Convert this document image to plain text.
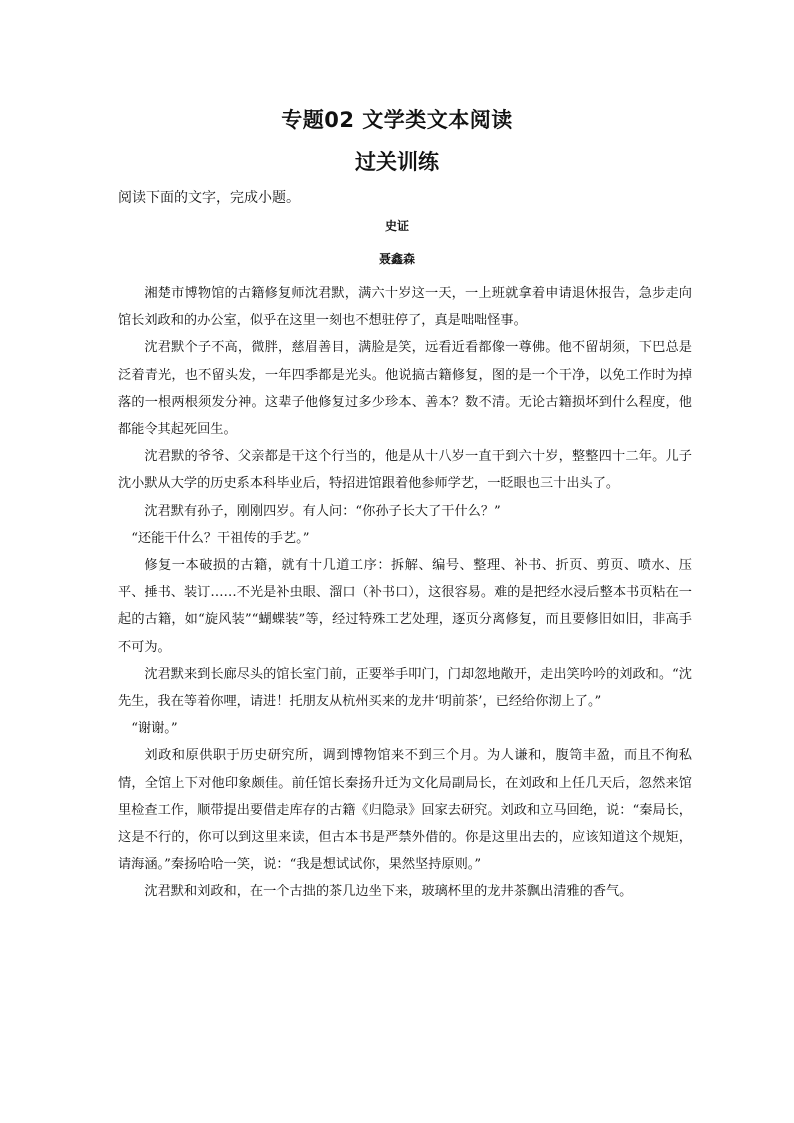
专题02 文学类文本阅读
过关训练
阅读下面的文字，完成小题。
史证
聂鑫森

湘楚市博物馆的古籍修复师沈君默，满六十岁这一天，一上班就拿着申请退休报告，急步走向馆长刘政和的办公室，似乎在这里一刻也不想驻停了，真是咄咄怪事。

沈君默个子不高，微胖，慈眉善目，满脸是笑，远看近看都像一尊佛。他不留胡须，下巴总是泛着青光，也不留头发，一年四季都是光头。他说搞古籍修复，图的是一个干净，以免工作时为掉落的一根两根须发分神。这辈子他修复过多少珍本、善本？数不清。无论古籍损坏到什么程度，他都能令其起死回生。

沈君默的爷爷、父亲都是干这个行当的，他是从十八岁一直干到六十岁，整整四十二年。儿子沈小默从大学的历史系本科毕业后，特招进馆跟着他参师学艺，一眨眼也三十出头了。

沈君默有孙子，刚刚四岁。有人问：“你孙子长大了干什么？”

“还能干什么？干祖传的手艺。”

修复一本破损的古籍，就有十几道工序：拆解、编号、整理、补书、折页、剪页、喷水、压平、捶书、装订……不光是补虫眼、溜口（补书口），这很容易。难的是把经水浸后整本书页粘在一起的古籍，如“旋风装”“蝴蝶装”等，经过特殊工艺处理，逐页分离修复，而且要修旧如旧，非高手不可为。

沈君默来到长廊尽头的馆长室门前，正要举手叩门，门却忽地敞开，走出笑吟吟的刘政和。“沈先生，我在等着你哩，请进！托朋友从杭州买来的龙井‘明前茶’，已经给你沏上了。”

“谢谢。”

刘政和原供职于历史研究所，调到博物馆来不到三个月。为人谦和，腹笥丰盈，而且不徇私情，全馆上下对他印象颇佳。前任馆长秦扬升迁为文化局副局长，在刘政和上任几天后，忽然来馆里检查工作，顺带提出要借走库存的古籍《归隐录》回家去研究。刘政和立马回绝，说：“秦局长，这是不行的，你可以到这里来读，但古本书是严禁外借的。你是这里出去的，应该知道这个规矩，请海涵。”秦扬哈哈一笑，说：“我是想试试你，果然坚持原则。”

沈君默和刘政和，在一个古拙的茶几边坐下来，玻璃杯里的龙井茶飘出清雅的香气。
